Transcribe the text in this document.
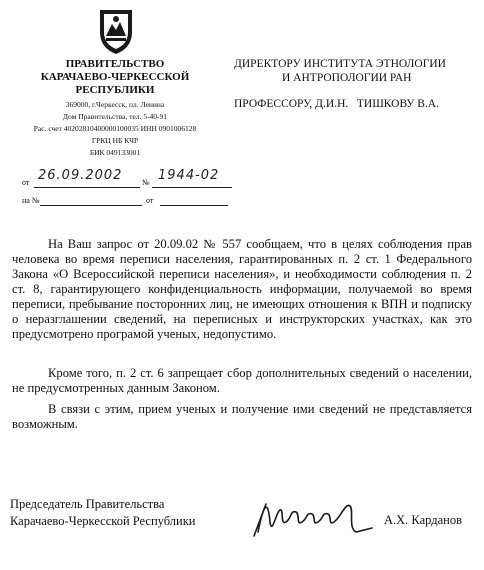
ПРАВИТЕЛЬСТВО
КАРАЧАЕВО-ЧЕРКЕССКОЙ
РЕСПУБЛИКИ
369000, г.Черкесск, пл. Ленина
Дом Правительства, тел. 5-40-91
Рас. счет 40202810400000100035 ИНН 0901006128
ГРКЦ НБ КЧР
БИК 049133001
ДИРЕКТОРУ ИНСТИТУТА ЭТНОЛОГИИ
И АНТРОПОЛОГИИ РАН
ПРОФЕССОРУ, Д.И.Н.   ТИШКОВУ В.А.
от 26.09.2002 № 1944-02
на №	от
На Ваш запрос от 20.09.02 № 557 сообщаем, что в целях соблюдения прав человека во время переписи населения, гарантированных п. 2 ст. 1 Федерального Закона «О Всероссийской переписи населения», и необходимости соблюдения п. 2 ст. 8, гарантирующего конфиденциальность информации, получаемой во время переписи, пребывание посторонних лиц, не имеющих отношения к ВПН и подписку о неразглашении сведений, на переписных и инструкторских участках, как это предусмотрено програмой ученых, недопустимо.
Кроме того, п. 2 ст. 6 запрещает сбор дополнительных сведений о населении, не предусмотренных данным Законом.
В связи с этим, прием ученых и получение ими сведений не представляется возможным.
Председатель Правительства
Карачаево-Черкесской Республики	А.Х. Карданов
